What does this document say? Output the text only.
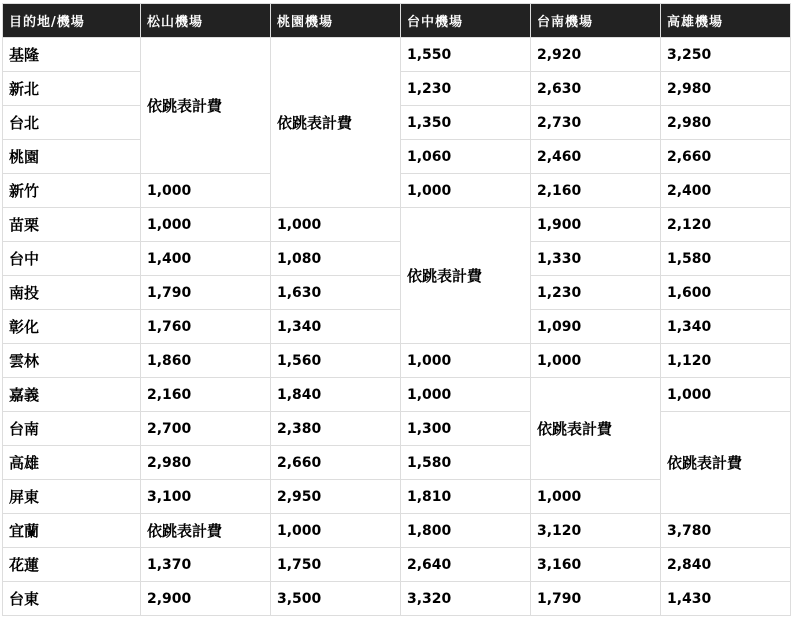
目的地/機場	松山機場	桃園機場	台中機場	台南機場	高雄機場
基隆	依跳表計費	依跳表計費	1,550	2,920	3,250
新北			1,230	2,630	2,980
台北			1,350	2,730	2,980
桃園			1,060	2,460	2,660
新竹	1,000		1,000	2,160	2,400
苗栗	1,000	1,000	依跳表計費	1,900	2,120
台中	1,400	1,080		1,330	1,580
南投	1,790	1,630		1,230	1,600
彰化	1,760	1,340		1,090	1,340
雲林	1,860	1,560	1,000	1,000	1,120
嘉義	2,160	1,840	1,000	依跳表計費	1,000
台南	2,700	2,380	1,300		依跳表計費
高雄	2,980	2,660	1,580		
屏東	3,100	2,950	1,810	1,000	
宜蘭	依跳表計費	1,000	1,800	3,120	3,780
花蓮	1,370	1,750	2,640	3,160	2,840
台東	2,900	3,500	3,320	1,790	1,430
